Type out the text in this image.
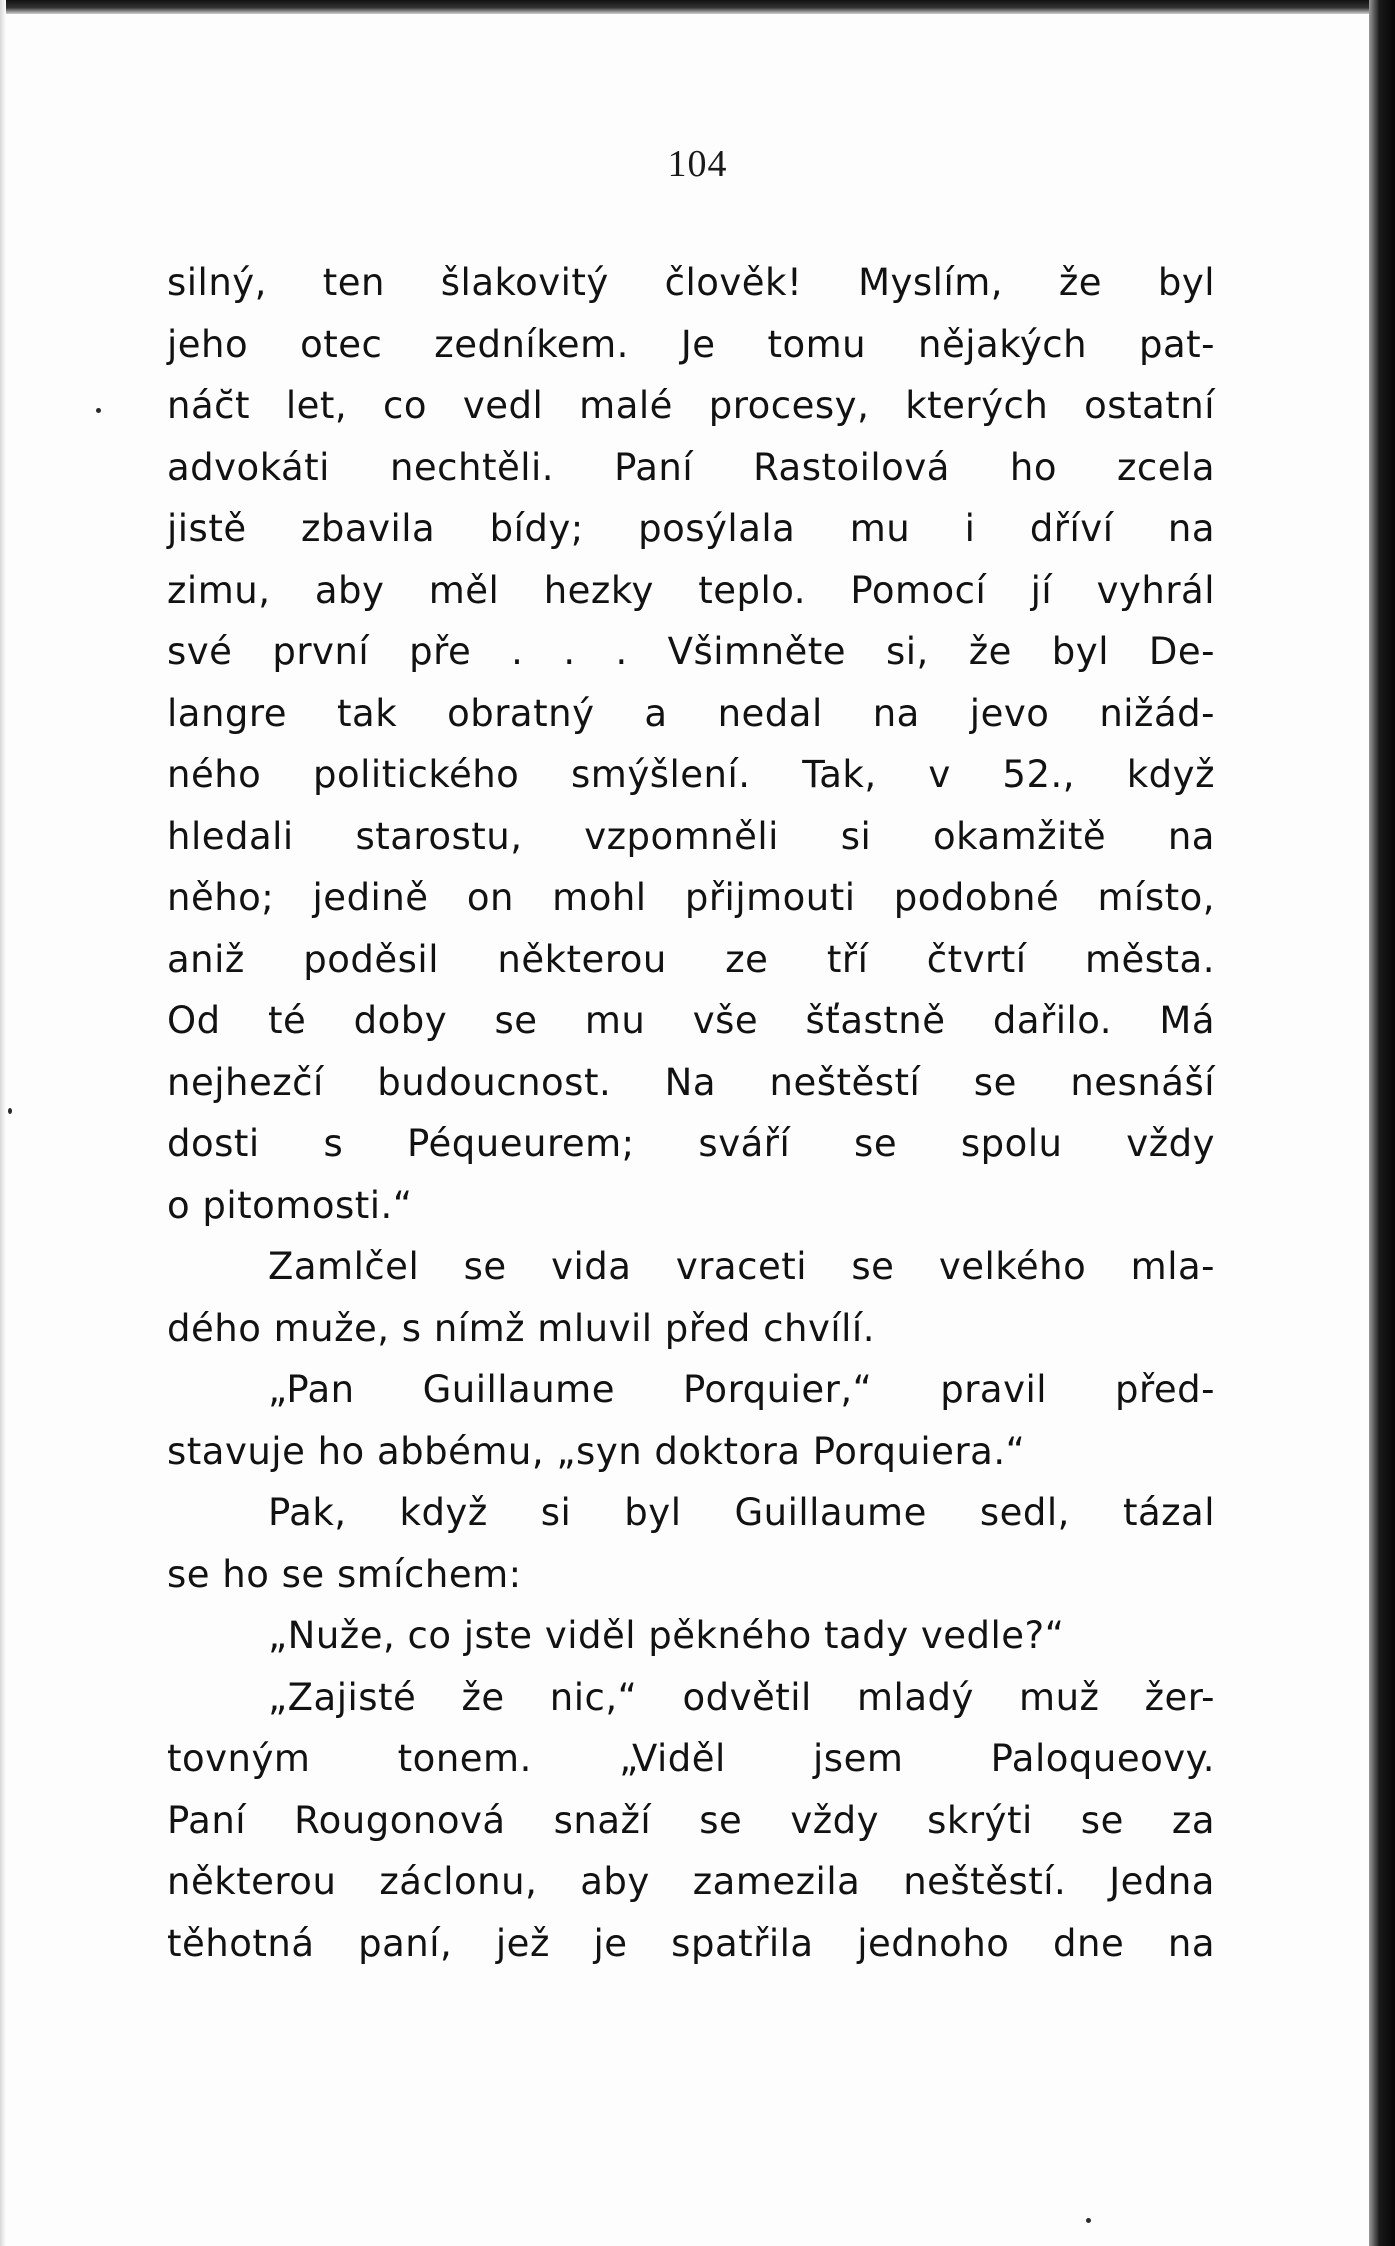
104
silný, ten šlakovitý člověk! Myslím, že byl
jeho otec zedníkem. Je tomu nějakých pat-
nác̆t let, co vedl malé procesy, kterých ostatní
advokáti nechtěli. Paní Rastoilová ho zcela
jistě zbavila bídy; posýlala mu i dříví na
zimu, aby měl hezky teplo. Pomocí jí vyhrál
své první pře . . . Všimněte si, že byl De-
langre tak obratný a nedal na jevo nižád-
ného politického smýšlení. Tak, v 52., když
hledali starostu, vzpomněli si okamžitě na
něho; jedině on mohl přijmouti podobné místo,
aniž poděsil některou ze tří čtvrtí města.
Od té doby se mu vše šťastně dařilo. Má
nejhezčí budoucnost. Na neštěstí se nesnáší
dosti s Péqueurem; sváří se spolu vždy
o pitomosti.“
Zamlčel se vida vraceti se velkého mla-
dého muže, s nímž mluvil před chvílí.
„Pan Guillaume Porquier,“ pravil před-
stavuje ho abbému, „syn doktora Porquiera.“
Pak, když si byl Guillaume sedl, tázal
se ho se smíchem:
„Nuže, co jste viděl pěkného tady vedle?“
„Zajisté že nic,“ odvětil mladý muž žer-
tovným tonem. „Viděl jsem Paloqueovy.
Paní Rougonová snaží se vždy skrýti se za
některou záclonu, aby zamezila neštěstí. Jedna
těhotná paní, jež je spatřila jednoho dne na
